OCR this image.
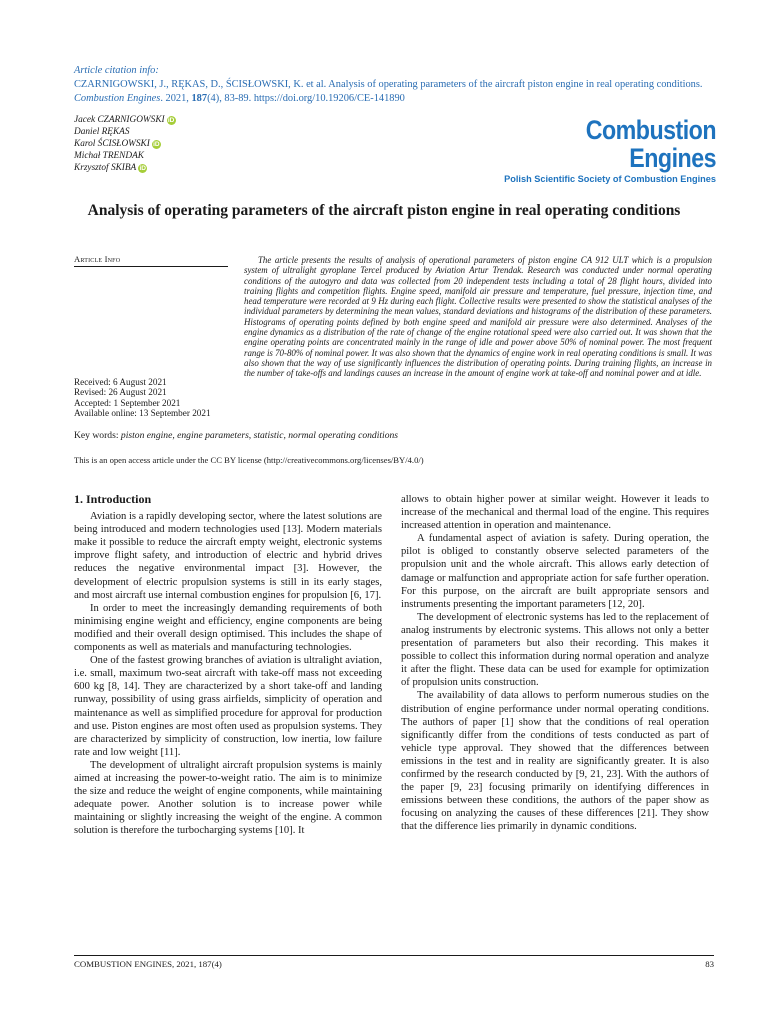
Article citation info:
CZARNIGOWSKI, J., RĘKAS, D., ŚCISŁOWSKI, K. et al. Analysis of operating parameters of the aircraft piston engine in real operating conditions. Combustion Engines. 2021, 187(4), 83-89. https://doi.org/10.19206/CE-141890
Jacek CZARNIGOWSKI iD
Daniel RĘKAS
Karol ŚCISŁOWSKI iD
Michał TRENDAK
Krzysztof SKIBA iD
Combustion Engines
Polish Scientific Society of Combustion Engines
Analysis of operating parameters of the aircraft piston engine in real operating conditions
Article Info	The article presents the results of analysis of operational parameters of piston engine CA 912 ULT which is a propulsion system of ultralight gyroplane Tercel produced by Aviation Artur Trendak. Research was conducted under normal operating conditions of the autogyro and data was collected from 20 independent tests including a total of 28 flight hours, divided into training flights and competition flights. Engine speed, manifold air pressure and temperature, fuel pressure, injection time, and head temperature were recorded at 9 Hz during each flight. Collective results were presented to show the statistical analyses of the individual parameters by determining the mean values, standard deviations and histograms of the distribution of these parameters. Histograms of operating points defined by both engine speed and manifold air pressure were also determined. Analyses of the engine dynamics as a distribution of the rate of change of the engine rotational speed were also carried out. It was shown that the engine operating points are concentrated mainly in the range of idle and power above 50% of nominal power. The most frequent range is 70-80% of nominal power. It was also shown that the dynamics of engine work in real operating conditions is small. It was also shown that the way of use significantly influences the distribution of operating points. During training flights, an increase in the number of take-offs and landings causes an increase in the amount of engine work at take-off and nominal power and at idle.

Received: 6 August 2021
Revised: 26 August 2021
Accepted: 1 September 2021
Available online: 13 September 2021
Key words: piston engine, engine parameters, statistic, normal operating conditions
This is an open access article under the CC BY license (http://creativecommons.org/licenses/BY/4.0/)
1. Introduction

Aviation is a rapidly developing sector, where the latest solutions are being introduced and modern technologies used [13]. Modern materials make it possible to reduce the aircraft empty weight, electronic systems improve flight safety, and introduction of electric and hybrid drives reduces the negative environmental impact [3]. However, the development of electric propulsion systems is still in its early stages, and most aircraft use internal combustion engines for propulsion [6, 17].

In order to meet the increasingly demanding requirements of both minimising engine weight and efficiency, engine components are being modified and their overall design optimised. This includes the shape of components as well as materials and manufacturing technologies.

One of the fastest growing branches of aviation is ultralight aviation, i.e. small, maximum two-seat aircraft with take-off mass not exceeding 600 kg [8, 14]. They are characterized by a short take-off and landing runway, possibility of using grass airfields, simplicity of operation and maintenance as well as simplified procedure for approval for production and use. Piston engines are most often used as propulsion systems. They are characterized by simplicity of construction, low inertia, low failure rate and low weight [11].

The development of ultralight aircraft propulsion systems is mainly aimed at increasing the power-to-weight ratio. The aim is to minimize the size and reduce the weight of engine components, while maintaining adequate power. Another solution is to increase power while maintaining or slightly increasing the weight of the engine. A common solution is therefore the turbocharging systems [10]. It

allows to obtain higher power at similar weight. However it leads to increase of the mechanical and thermal load of the engine. This requires increased attention in operation and maintenance.

A fundamental aspect of aviation is safety. During operation, the pilot is obliged to constantly observe selected parameters of the propulsion unit and the whole aircraft. This allows early detection of damage or malfunction and appropriate action for safe further operation. For this purpose, on the aircraft are built appropriate sensors and instruments presenting the important parameters [12, 20].

The development of electronic systems has led to the replacement of analog instruments by electronic systems. This allows not only a better presentation of parameters but also their recording. This makes it possible to collect this information during normal operation and analyze it after the flight. These data can be used for example for optimization of propulsion units construction.

The availability of data allows to perform numerous studies on the distribution of engine performance under normal operating conditions. The authors of paper [1] show that the conditions of real operation significantly differ from the conditions of tests conducted as part of vehicle type approval. They showed that the differences between emissions in the test and in reality are significantly greater. It is also confirmed by the research conducted by [9, 21, 23]. With the authors of the paper [9, 23] focusing primarily on identifying differences in emissions between these conditions, the authors of the paper show as focusing on analyzing the causes of these differences [21]. They show that the difference lies primarily in dynamic conditions.

COMBUSTION ENGINES, 2021, 187(4)	83
